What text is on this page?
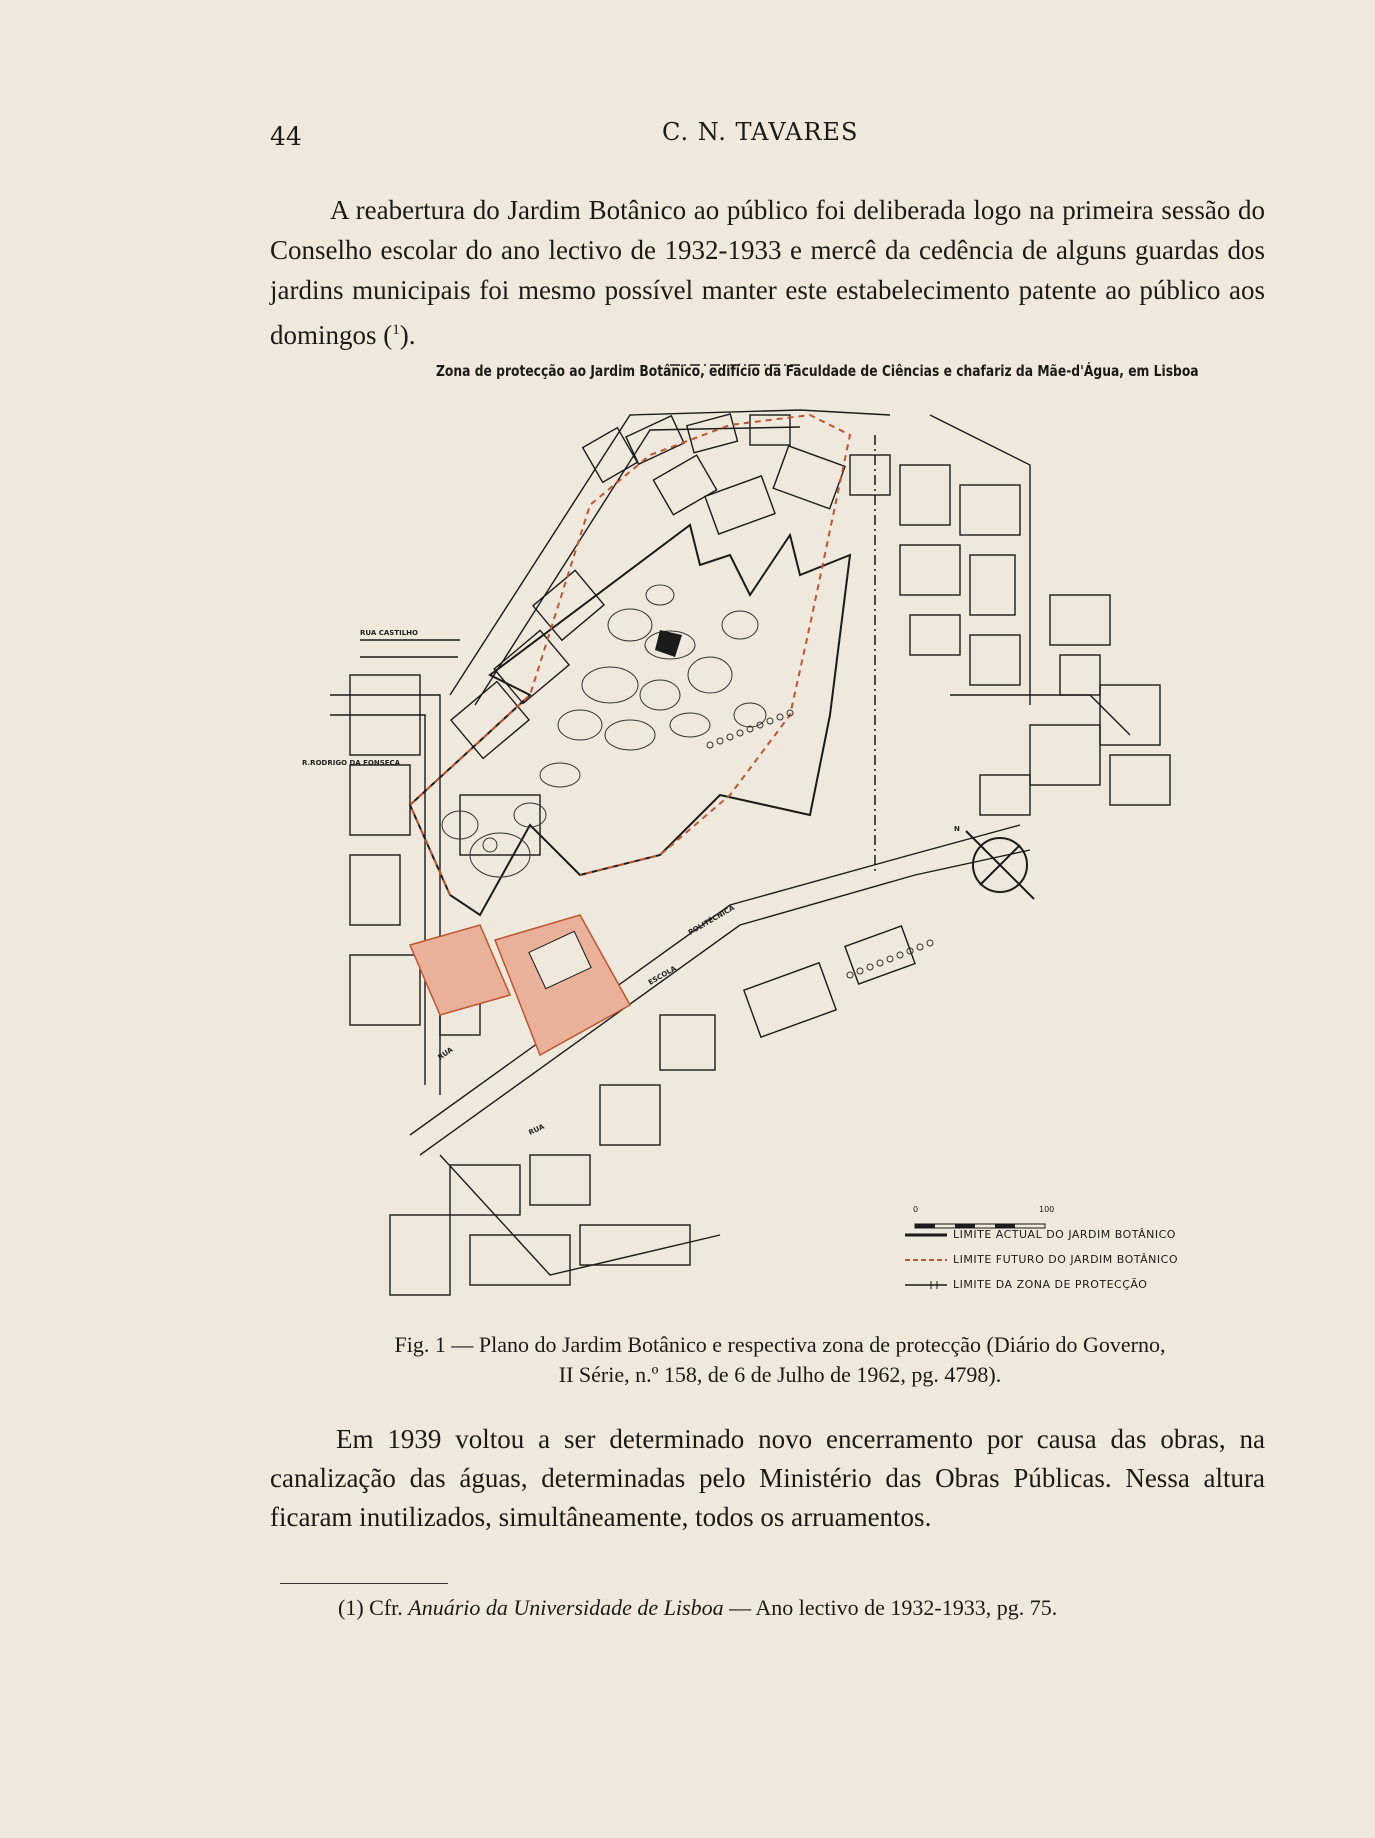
44	C. N. TAVARES

A reabertura do Jardim Botânico ao público foi deliberada logo na primeira sessão do Conselho escolar do ano lectivo de 1932-1933 e mercê da cedência de alguns guardas dos jardins municipais foi mesmo possível manter este estabelecimento patente ao público aos domingos ($^1$).

Zona de protecção ao Jardim Botânico, edifício da Faculdade de Ciências e chafariz da Mãe-d'Água, em Lisboa
N
RUA CASTILHO
R.RODRIGO DA FONSECA
RUA
ESCOLA
POLITÉCNICA
RUA
0	100
LIMITE ACTUAL DO JARDIM BOTÂNICO
LIMITE FUTURO DO JARDIM BOTÂNICO
LIMITE DA ZONA DE PROTECÇÃO
Fig. 1 — Plano do Jardim Botânico e respectiva zona de protecção (Diário do Governo,
II Série, n.º 158, de 6 de Julho de 1962, pg. 4798).

Em 1939 voltou a ser determinado novo encerramento por causa das obras, na canalização das águas, determinadas pelo Ministério das Obras Públicas. Nessa altura ficaram inutilizados, simultâneamente, todos os arruamentos.

(1) Cfr. Anuário da Universidade de Lisboa — Ano lectivo de 1932-1933, pg. 75.
